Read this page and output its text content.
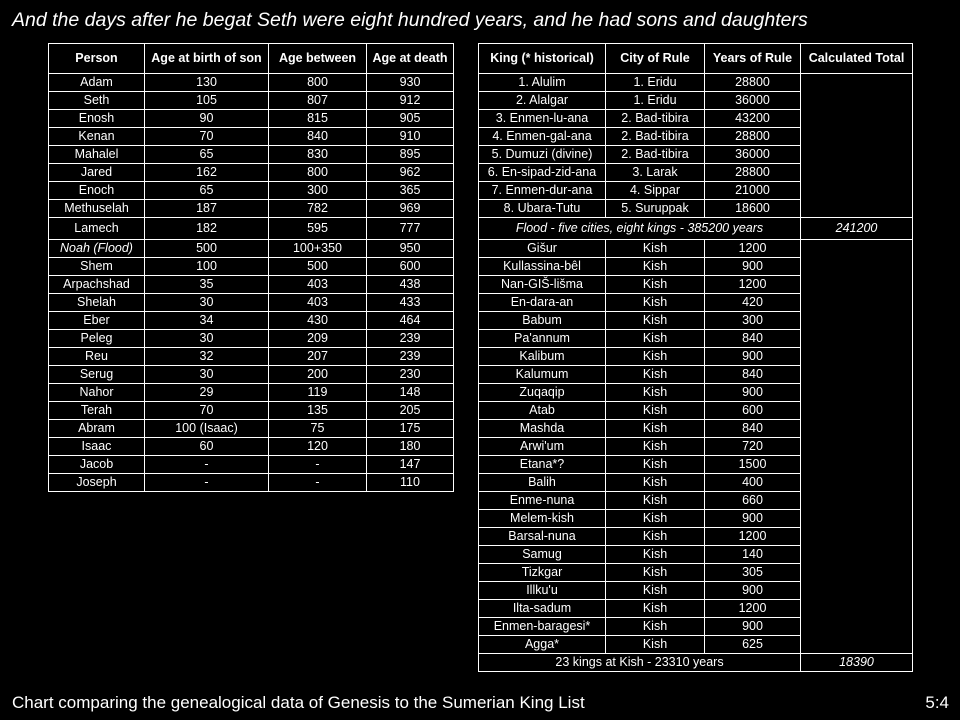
And the days after he begat Seth were eight hundred years, and he had sons and daughters
Person	Age at birth of son	Age between	Age at death
Adam	130	800	930
Seth	105	807	912
Enosh	90	815	905
Kenan	70	840	910
Mahalel	65	830	895
Jared	162	800	962
Enoch	65	300	365
Methuselah	187	782	969
Lamech	182	595	777
Noah (Flood)	500	100+350	950
Shem	100	500	600
Arpachshad	35	403	438
Shelah	30	403	433
Eber	34	430	464
Peleg	30	209	239
Reu	32	207	239
Serug	30	200	230
Nahor	29	119	148
Terah	70	135	205
Abram	100 (Isaac)	75	175
Isaac	60	120	180
Jacob	-	-	147
Joseph	-	-	110
King (* historical)	City of Rule	Years of Rule	Calculated Total
1. Alulim	1. Eridu	28800	
2. Alalgar	1. Eridu	36000	
3. Enmen-lu-ana	2. Bad-tibira	43200	
4. Enmen-gal-ana	2. Bad-tibira	28800	
5. Dumuzi (divine)	2. Bad-tibira	36000	
6. En-sipad-zid-ana	3. Larak	28800	
7. Enmen-dur-ana	4. Sippar	21000	
8. Ubara-Tutu	5. Suruppak	18600	
Flood - five cities, eight kings - 385200 years			241200
Gišur	Kish	1200	
Kullassina-bêl	Kish	900	
Nan-GIŠ-lišma	Kish	1200	
En-dara-an	Kish	420	
Babum	Kish	300	
Pa'annum	Kish	840	
Kalibum	Kish	900	
Kalumum	Kish	840	
Zuqaqip	Kish	900	
Atab	Kish	600	
Mashda	Kish	840	
Arwi'um	Kish	720	
Etana*?	Kish	1500	
Balih	Kish	400	
Enme-nuna	Kish	660	
Melem-kish	Kish	900	
Barsal-nuna	Kish	1200	
Samug	Kish	140	
Tizkgar	Kish	305	
Illku'u	Kish	900	
Ilta-sadum	Kish	1200	
Enmen-baragesi*	Kish	900	
Agga*	Kish	625	
23 kings at Kish - 23310 years			18390
Chart comparing the genealogical data of Genesis to the Sumerian King List	5:4
